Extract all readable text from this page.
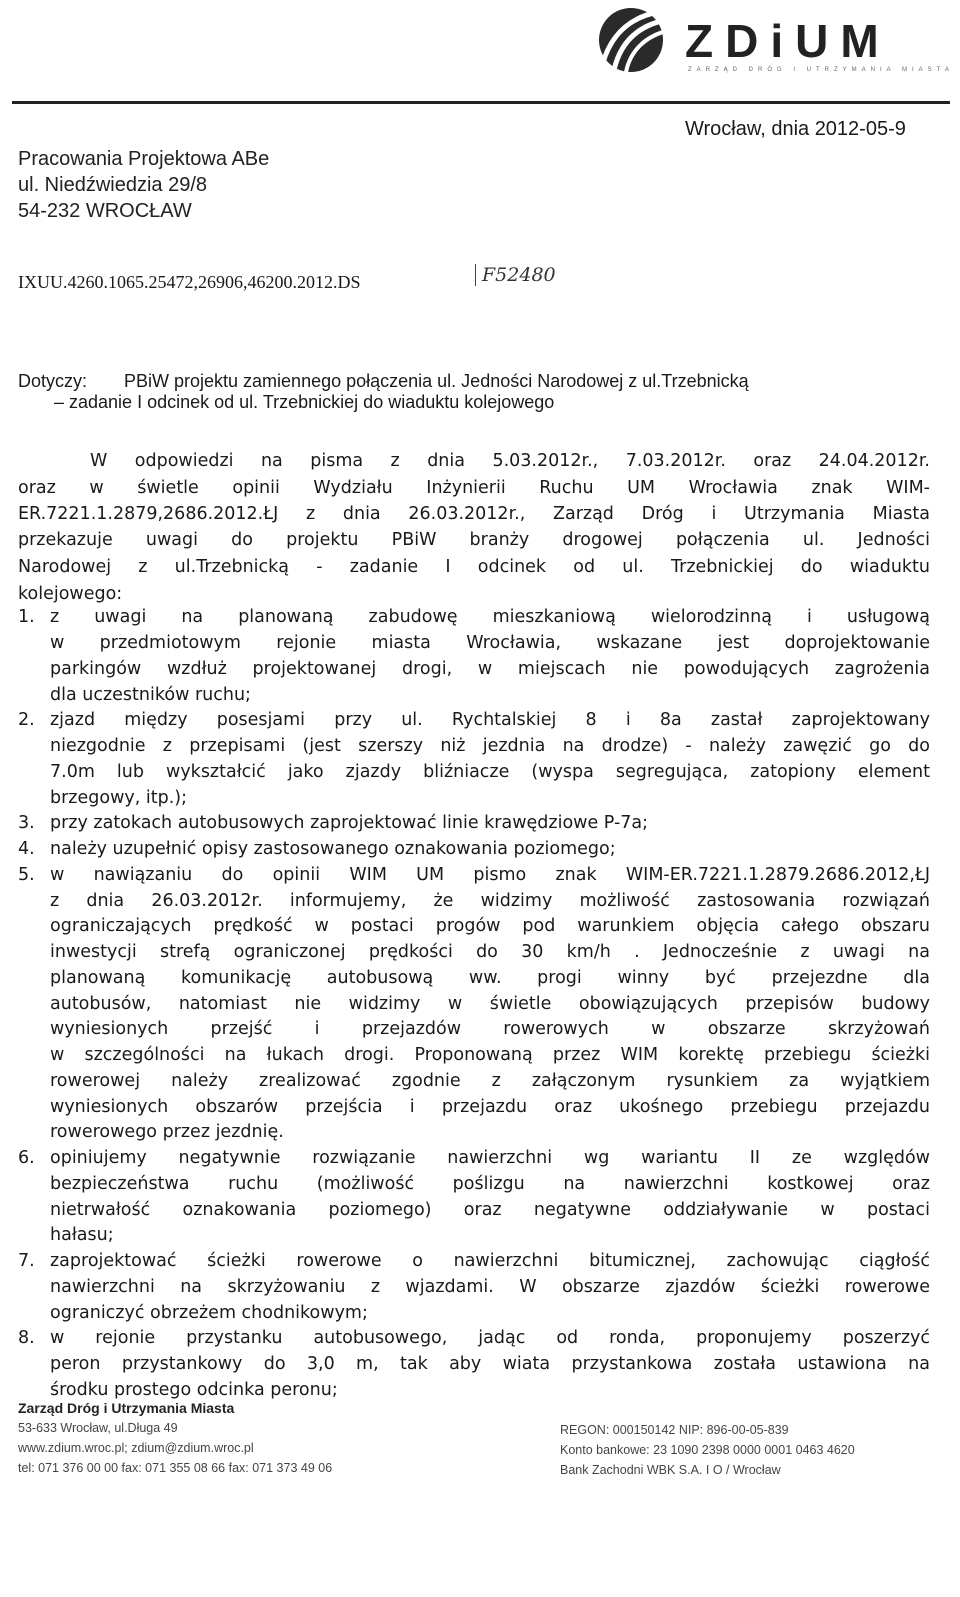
ZDiUM
ZARZĄD DRÓG I UTRZYMANIA MIASTA
Wrocław, dnia 2012-05-9
Pracowania Projektowa ABe
ul. Niedźwiedzia 29/8
54-232 WROCŁAW
IXUU.4260.1065.25472,26906,46200.2012.DS	F52480
Dotyczy: PBiW projektu zamiennego połączenia ul. Jedności Narodowej z ul.Trzebnicką
– zadanie I odcinek od ul. Trzebnickiej do wiaduktu kolejowego
W odpowiedzi na pisma z dnia 5.03.2012r., 7.03.2012r. oraz 24.04.2012r.
oraz w świetle opinii Wydziału Inżynierii Ruchu UM Wrocławia znak WIM-
ER.7221.1.2879,2686.2012.ŁJ z dnia 26.03.2012r., Zarząd Dróg i Utrzymania Miasta
przekazuje uwagi do projektu PBiW branży drogowej połączenia ul. Jedności
Narodowej z ul.Trzebnicką - zadanie I odcinek od ul. Trzebnickiej do wiaduktu
kolejowego:
z uwagi na planowaną zabudowę mieszkaniową wielorodzinną i usługową
1.
w przedmiotowym rejonie miasta Wrocławia, wskazane jest doprojektowanie
parkingów wzdłuż projektowanej drogi, w miejscach nie powodujących zagrożenia
dla uczestników ruchu;
zjazd między posesjami przy ul. Rychtalskiej 8 i 8a zastał zaprojektowany
2.
niezgodnie z przepisami (jest szerszy niż jezdnia na drodze) - należy zawęzić go do
7.0m lub wykształcić jako zjazdy bliźniacze (wyspa segregująca, zatopiony element
brzegowy, itp.);
przy zatokach autobusowych zaprojektować linie krawędziowe P-7a;
3.
należy uzupełnić opisy zastosowanego oznakowania poziomego;
4.
w nawiązaniu do opinii WIM UM pismo znak WIM-ER.7221.1.2879.2686.2012,ŁJ
5.
z dnia 26.03.2012r. informujemy, że widzimy możliwość zastosowania rozwiązań
ograniczających prędkość w postaci progów pod warunkiem objęcia całego obszaru
inwestycji strefą ograniczonej prędkości do 30 km/h . Jednocześnie z uwagi na
planowaną komunikację autobusową ww. progi winny być przejezdne dla
autobusów, natomiast nie widzimy w świetle obowiązujących przepisów budowy
wyniesionych przejść i przejazdów rowerowych w obszarze skrzyżowań
w szczególności na łukach drogi. Proponowaną przez WIM korektę przebiegu ścieżki
rowerowej należy zrealizować zgodnie z załączonym rysunkiem za wyjątkiem
wyniesionych obszarów przejścia i przejazdu oraz ukośnego przebiegu przejazdu
rowerowego przez jezdnię.
opiniujemy negatywnie rozwiązanie nawierzchni wg wariantu II ze względów
6.
bezpieczeństwa ruchu (możliwość poślizgu na nawierzchni kostkowej oraz
nietrwałość oznakowania poziomego) oraz negatywne oddziaływanie w postaci
hałasu;
zaprojektować ścieżki rowerowe o nawierzchni bitumicznej, zachowując ciągłość
7.
nawierzchni na skrzyżowaniu z wjazdami. W obszarze zjazdów ścieżki rowerowe
ograniczyć obrzeżem chodnikowym;
w rejonie przystanku autobusowego, jadąc od ronda, proponujemy poszerzyć
8.
peron przystankowy do 3,0 m, tak aby wiata przystankowa została ustawiona na
środku prostego odcinka peronu;
Zarząd Dróg i Utrzymania Miasta
53-633 Wrocław, ul.Długa 49
www.zdium.wroc.pl; zdium@zdium.wroc.pl
tel: 071 376 00 00 fax: 071 355 08 66 fax: 071 373 49 06
REGON: 000150142 NIP: 896-00-05-839
Konto bankowe: 23 1090 2398 0000 0001 0463 4620
Bank Zachodni WBK S.A. I O / Wrocław
